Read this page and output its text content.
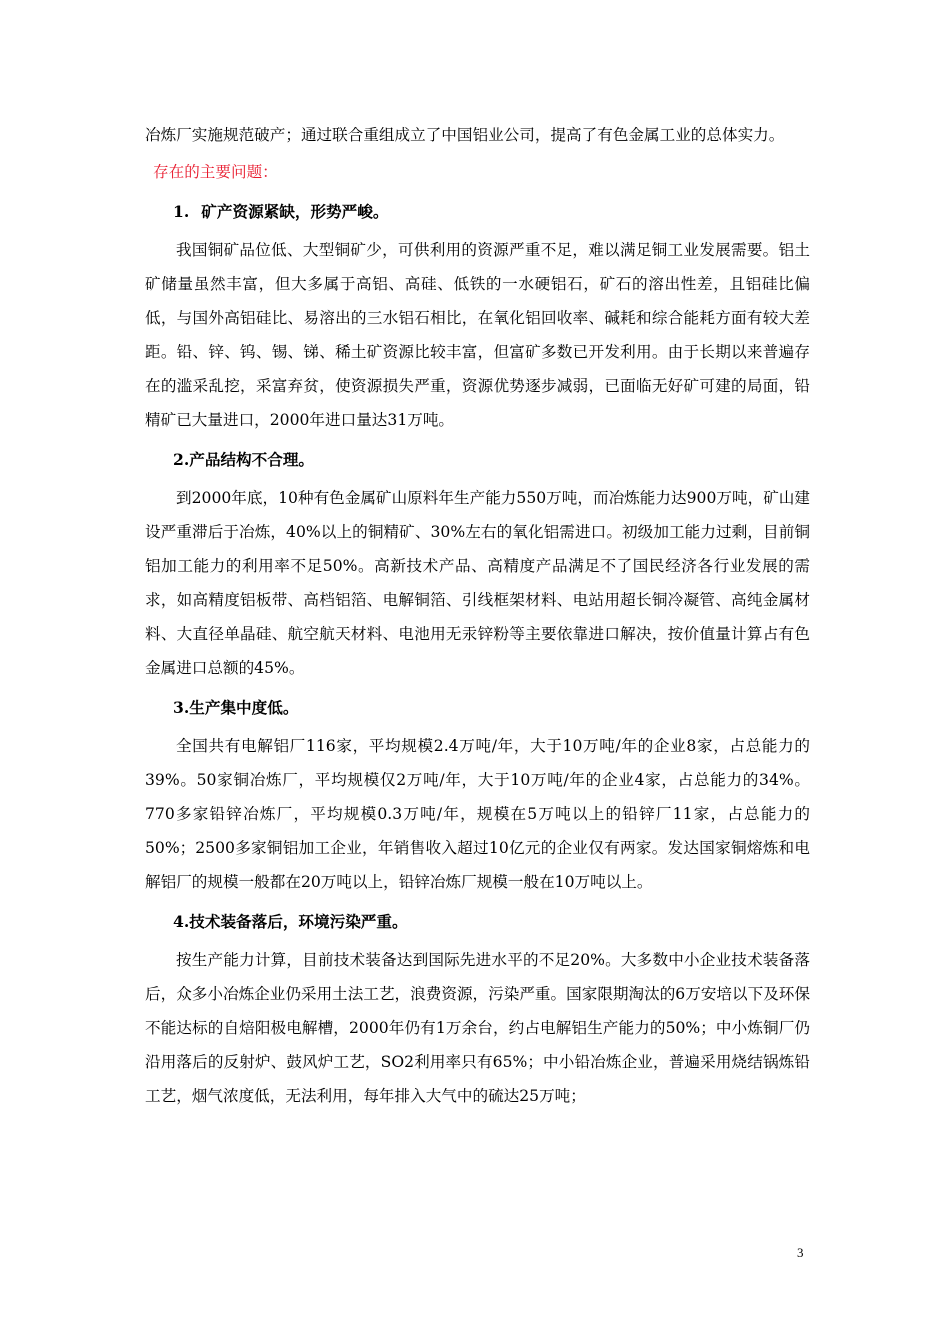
冶炼厂实施规范破产；通过联合重组成立了中国铝业公司，提高了有色金属工业的总体实力。

存在的主要问题：
1. 矿产资源紧缺，形势严峻。

我国铜矿品位低、大型铜矿少，可供利用的资源严重不足，难以满足铜工业发展需要。铝土矿储量虽然丰富，但大多属于高铝、高硅、低铁的一水硬铝石，矿石的溶出性差，且铝硅比偏低，与国外高铝硅比、易溶出的三水铝石相比，在氧化铝回收率、碱耗和综合能耗方面有较大差距。铅、锌、钨、锡、锑、稀土矿资源比较丰富，但富矿多数已开发利用。由于长期以来普遍存在的滥采乱挖，采富弃贫，使资源损失严重，资源优势逐步减弱，已面临无好矿可建的局面，铅精矿已大量进口，2000年进口量达31万吨。

2.产品结构不合理。

到2000年底，10种有色金属矿山原料年生产能力550万吨，而冶炼能力达900万吨，矿山建设严重滞后于冶炼，40%以上的铜精矿、30%左右的氧化铝需进口。初级加工能力过剩，目前铜铝加工能力的利用率不足50%。高新技术产品、高精度产品满足不了国民经济各行业发展的需求，如高精度铝板带、高档铝箔、电解铜箔、引线框架材料、电站用超长铜冷凝管、高纯金属材料、大直径单晶硅、航空航天材料、电池用无汞锌粉等主要依靠进口解决，按价值量计算占有色金属进口总额的45%。

3.生产集中度低。

全国共有电解铝厂116家，平均规模2.4万吨/年，大于10万吨/年的企业8家，占总能力的39%。50家铜冶炼厂，平均规模仅2万吨/年，大于10万吨/年的企业4家，占总能力的34%。770多家铅锌冶炼厂，平均规模0.3万吨/年，规模在5万吨以上的铅锌厂11家，占总能力的50%；2500多家铜铝加工企业，年销售收入超过10亿元的企业仅有两家。发达国家铜熔炼和电解铝厂的规模一般都在20万吨以上，铅锌冶炼厂规模一般在10万吨以上。

4.技术装备落后，环境污染严重。

按生产能力计算，目前技术装备达到国际先进水平的不足20%。大多数中小企业技术装备落后，众多小冶炼企业仍采用土法工艺，浪费资源，污染严重。国家限期淘汰的6万安培以下及环保不能达标的自焙阳极电解槽，2000年仍有1万余台，约占电解铝生产能力的50%；中小炼铜厂仍沿用落后的反射炉、鼓风炉工艺，SO2利用率只有65%；中小铅冶炼企业，普遍采用烧结锅炼铅工艺，烟气浓度低，无法利用，每年排入大气中的硫达25万吨；

3
